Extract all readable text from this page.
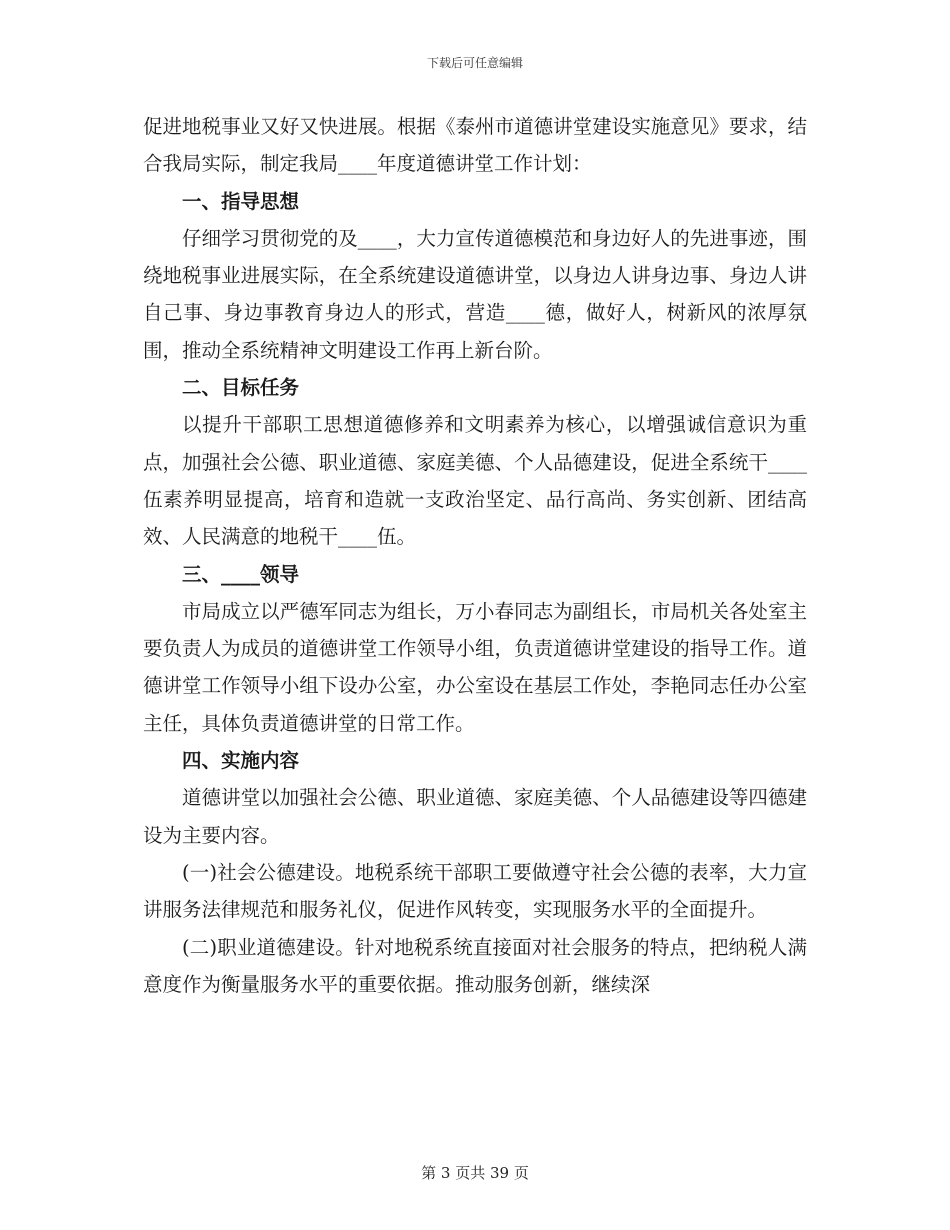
下载后可任意编辑

促进地税事业又好又快进展。根据《泰州市道德讲堂建设实施意见》要求，结合我局实际，制定我局____年度道德讲堂工作计划：

一、指导思想

仔细学习贯彻党的及____，大力宣传道德模范和身边好人的先进事迹，围绕地税事业进展实际，在全系统建设道德讲堂，以身边人讲身边事、身边人讲自己事、身边事教育身边人的形式，营造____德，做好人，树新风的浓厚氛围，推动全系统精神文明建设工作再上新台阶。

二、目标任务

以提升干部职工思想道德修养和文明素养为核心，以增强诚信意识为重点，加强社会公德、职业道德、家庭美德、个人品德建设，促进全系统干____伍素养明显提高，培育和造就一支政治坚定、品行高尚、务实创新、团结高效、人民满意的地税干____伍。

三、____领导

市局成立以严德军同志为组长，万小春同志为副组长，市局机关各处室主要负责人为成员的道德讲堂工作领导小组，负责道德讲堂建设的指导工作。道德讲堂工作领导小组下设办公室，办公室设在基层工作处，李艳同志任办公室主任，具体负责道德讲堂的日常工作。

四、实施内容

道德讲堂以加强社会公德、职业道德、家庭美德、个人品德建设等四德建设为主要内容。

(一)社会公德建设。地税系统干部职工要做遵守社会公德的表率，大力宣讲服务法律规范和服务礼仪，促进作风转变，实现服务水平的全面提升。

(二)职业道德建设。针对地税系统直接面对社会服务的特点，把纳税人满意度作为衡量服务水平的重要依据。推动服务创新，继续深

第 3 页共 39 页
